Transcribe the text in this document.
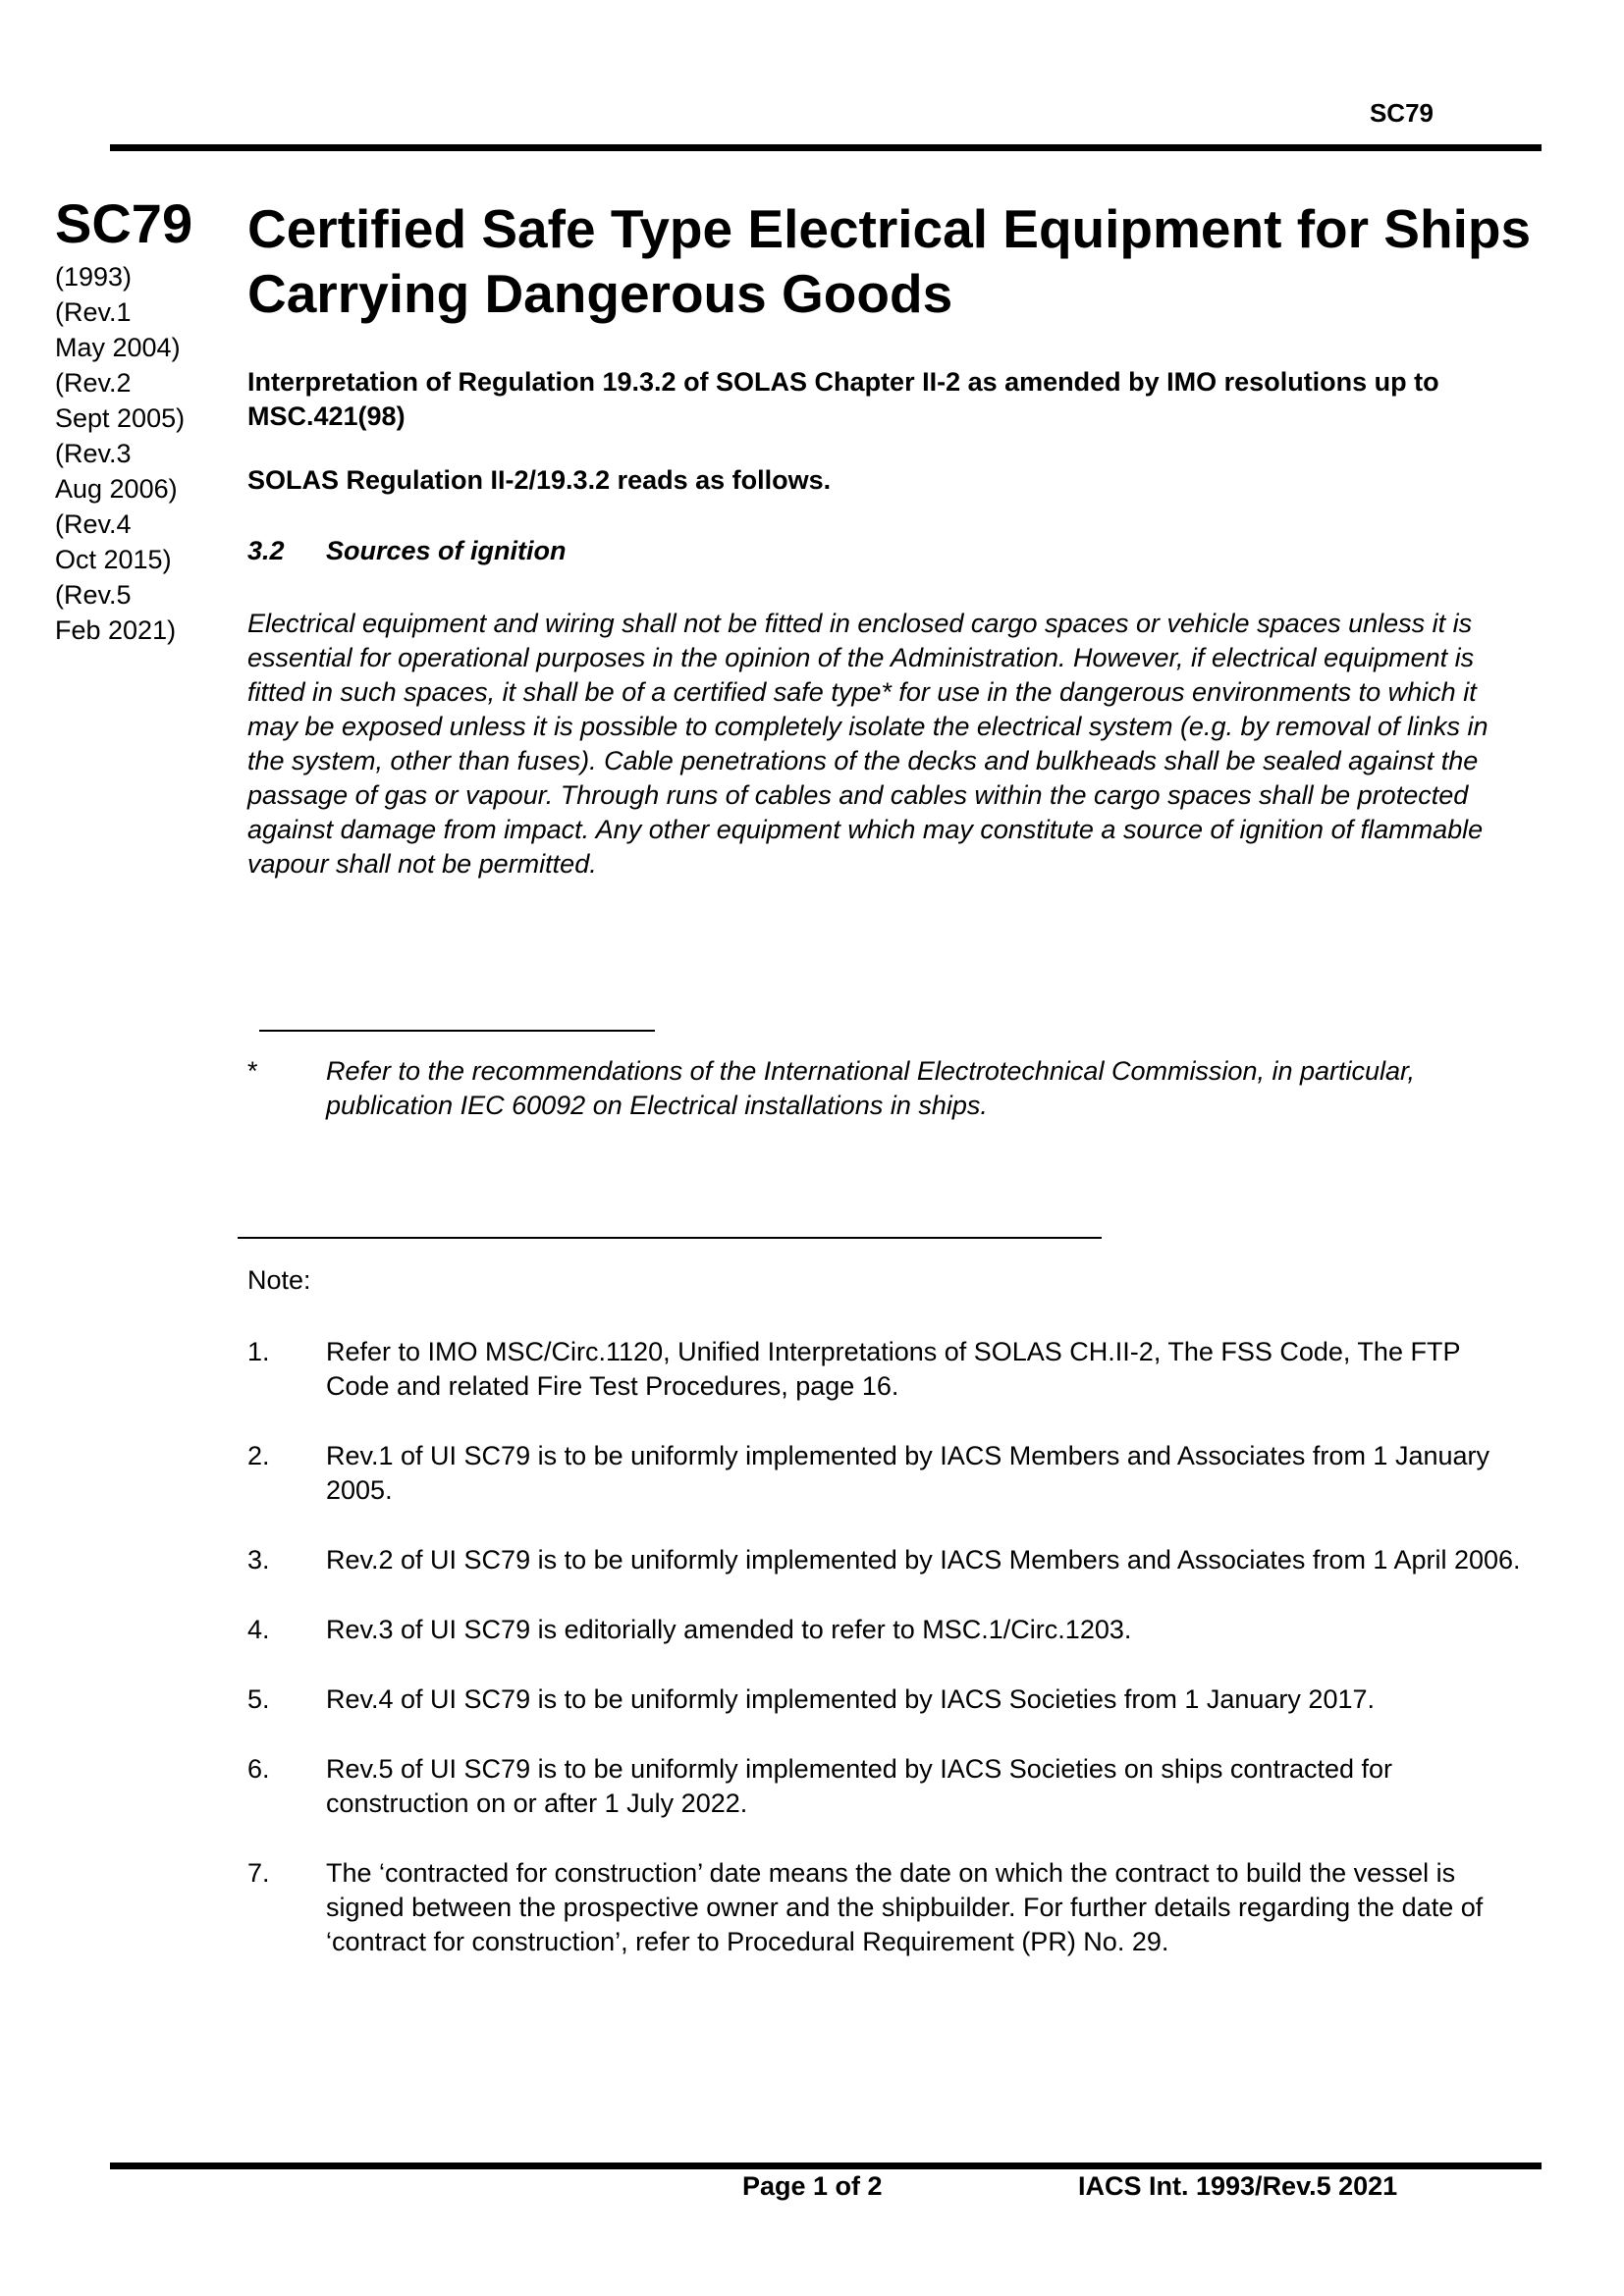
SC79
SC79
(1993)
(Rev.1
May 2004)
(Rev.2
Sept 2005)
(Rev.3
Aug 2006)
(Rev.4
Oct 2015)
(Rev.5
Feb 2021)
Certified Safe Type Electrical Equipment for Ships Carrying Dangerous Goods
Interpretation of Regulation 19.3.2 of SOLAS Chapter II-2 as amended by IMO resolutions up to MSC.421(98)
SOLAS Regulation II-2/19.3.2 reads as follows.
3.2 Sources of ignition
Electrical equipment and wiring shall not be fitted in enclosed cargo spaces or vehicle spaces unless it is essential for operational purposes in the opinion of the Administration. However, if electrical equipment is fitted in such spaces, it shall be of a certified safe type* for use in the dangerous environments to which it may be exposed unless it is possible to completely isolate the electrical system (e.g. by removal of links in the system, other than fuses). Cable penetrations of the decks and bulkheads shall be sealed against the passage of gas or vapour. Through runs of cables and cables within the cargo spaces shall be protected against damage from impact. Any other equipment which may constitute a source of ignition of flammable vapour shall not be permitted.
*	Refer to the recommendations of the International Electrotechnical Commission, in particular, publication IEC 60092 on Electrical installations in ships.
Note:
1. Refer to IMO MSC/Circ.1120, Unified Interpretations of SOLAS CH.II-2, The FSS Code, The FTP Code and related Fire Test Procedures, page 16.
2. Rev.1 of UI SC79 is to be uniformly implemented by IACS Members and Associates from 1 January 2005.
3. Rev.2 of UI SC79 is to be uniformly implemented by IACS Members and Associates from 1 April 2006.
4. Rev.3 of UI SC79 is editorially amended to refer to MSC.1/Circ.1203.
5. Rev.4 of UI SC79 is to be uniformly implemented by IACS Societies from 1 January 2017.
6. Rev.5 of UI SC79 is to be uniformly implemented by IACS Societies on ships contracted for construction on or after 1 July 2022.
7. The ‘contracted for construction’ date means the date on which the contract to build the vessel is signed between the prospective owner and the shipbuilder. For further details regarding the date of ‘contract for construction’, refer to Procedural Requirement (PR) No. 29.
Page 1 of 2	IACS Int. 1993/Rev.5 2021
